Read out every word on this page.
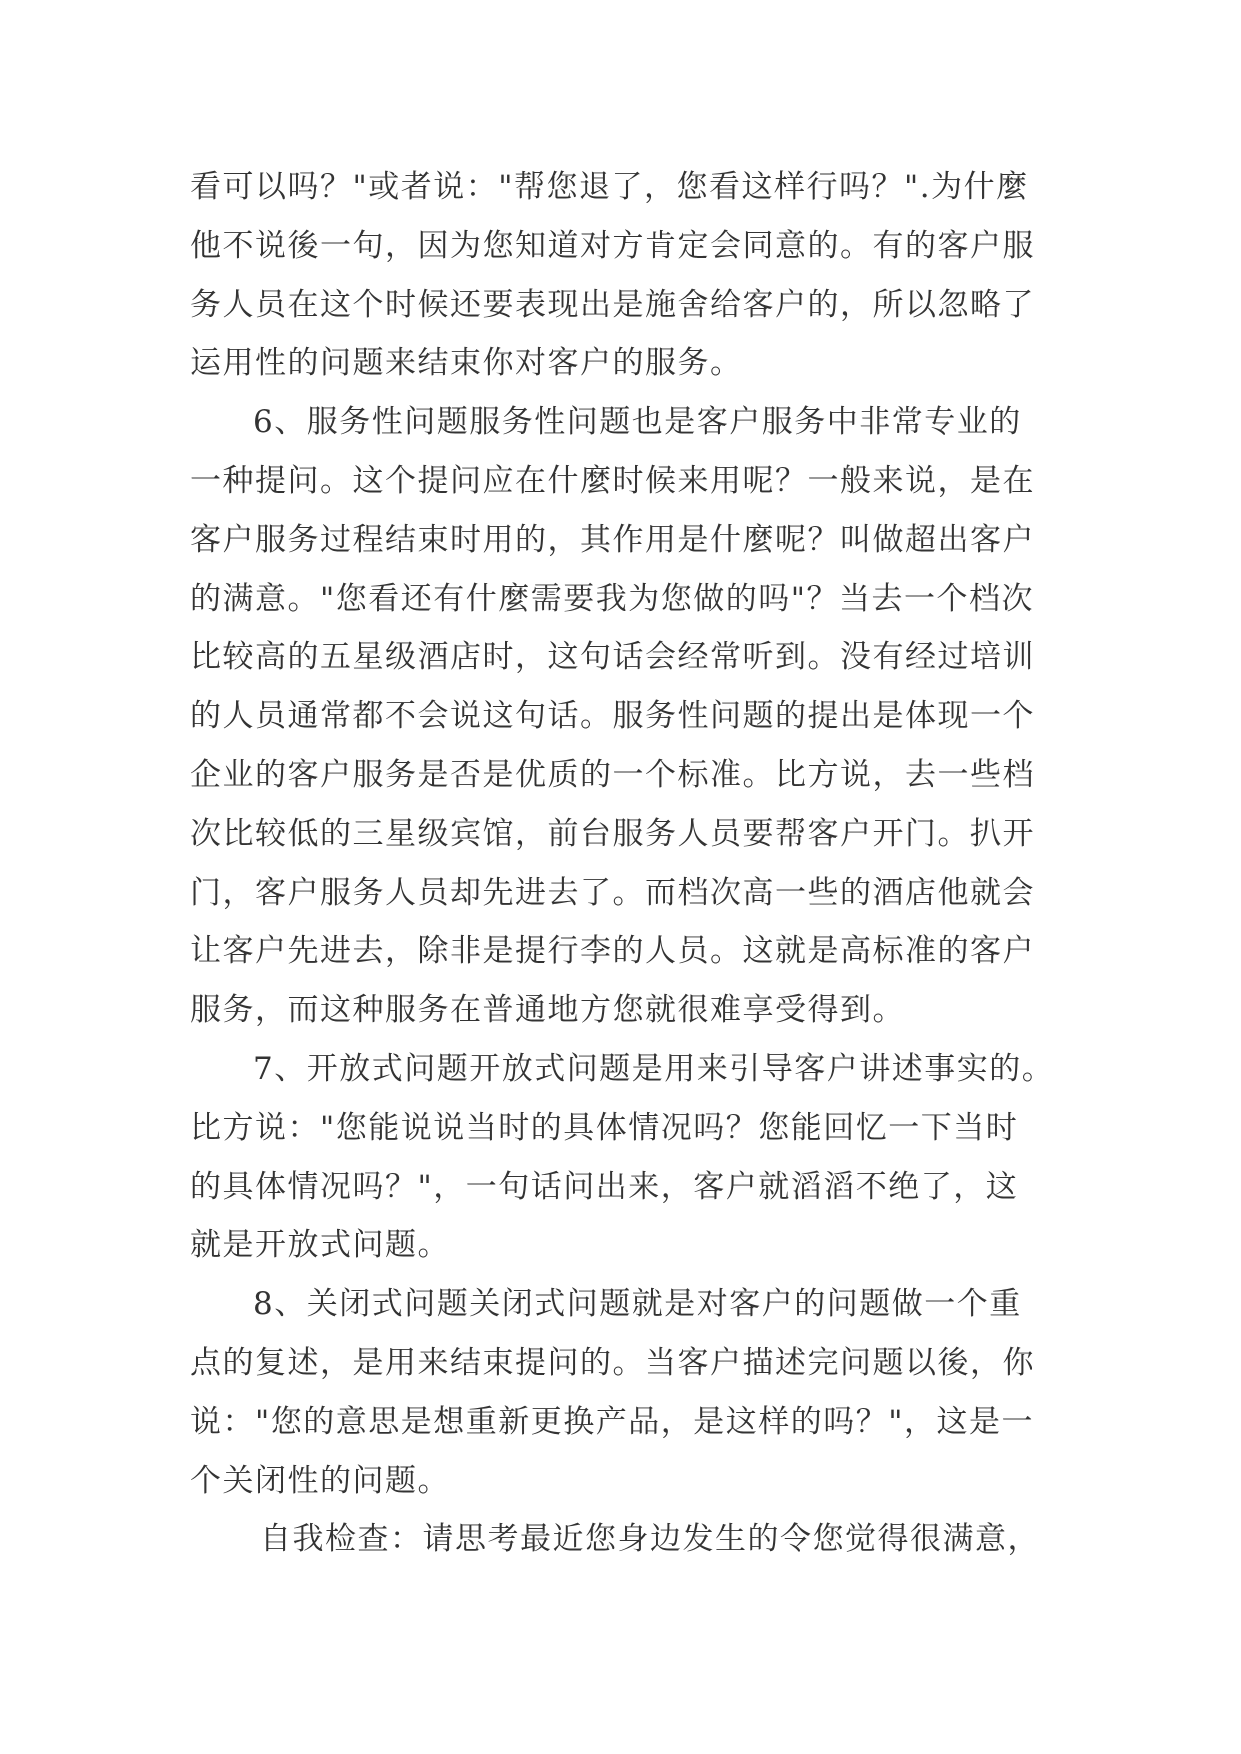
看可以吗？"或者说："帮您退了，您看这样行吗？".为什麼
他不说後一句，因为您知道对方肯定会同意的。有的客户服
务人员在这个时候还要表现出是施舍给客户的，所以忽略了
运用性的问题来结束你对客户的服务。
6、服务性问题服务性问题也是客户服务中非常专业的
一种提问。这个提问应在什麼时候来用呢？一般来说，是在
客户服务过程结束时用的，其作用是什麼呢？叫做超出客户
的满意。"您看还有什麼需要我为您做的吗"？当去一个档次
比较高的五星级酒店时，这句话会经常听到。没有经过培训
的人员通常都不会说这句话。服务性问题的提出是体现一个
企业的客户服务是否是优质的一个标准。比方说，去一些档
次比较低的三星级宾馆，前台服务人员要帮客户开门。扒开
门，客户服务人员却先进去了。而档次高一些的酒店他就会
让客户先进去，除非是提行李的人员。这就是高标准的客户
服务，而这种服务在普通地方您就很难享受得到。
7、开放式问题开放式问题是用来引导客户讲述事实的。
比方说："您能说说当时的具体情况吗？您能回忆一下当时
的具体情况吗？"，一句话问出来，客户就滔滔不绝了，这
就是开放式问题。
8、关闭式问题关闭式问题就是对客户的问题做一个重
点的复述，是用来结束提问的。当客户描述完问题以後，你
说："您的意思是想重新更换产品，是这样的吗？"，这是一
个关闭性的问题。
自我检查：请思考最近您身边发生的令您觉得很满意，
